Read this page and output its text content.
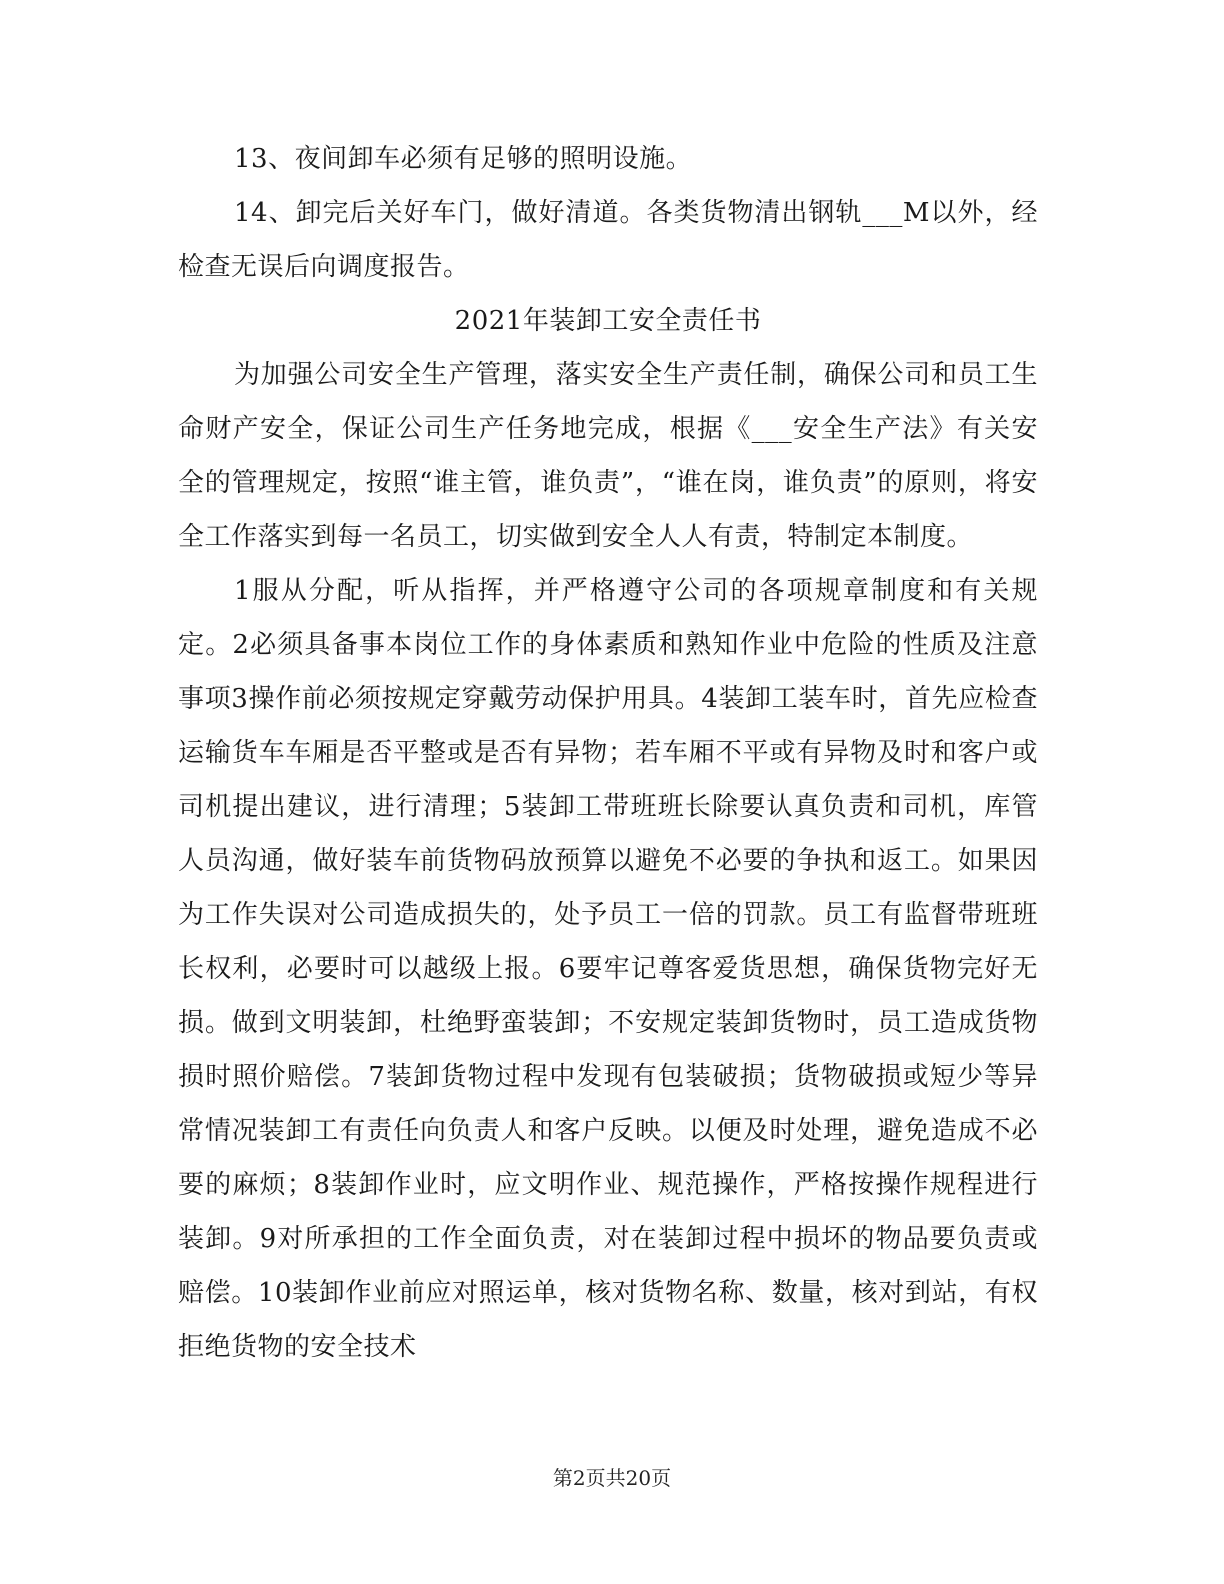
13、夜间卸车必须有足够的照明设施。

14、卸完后关好车门，做好清道。各类货物清出钢轨___M以外，经检查无误后向调度报告。

2021年装卸工安全责任书

为加强公司安全生产管理，落实安全生产责任制，确保公司和员工生命财产安全，保证公司生产任务地完成，根据《___安全生产法》有关安全的管理规定，按照“谁主管，谁负责”，“谁在岗，谁负责”的原则，将安全工作落实到每一名员工，切实做到安全人人有责，特制定本制度。

1服从分配，听从指挥，并严格遵守公司的各项规章制度和有关规定。2必须具备事本岗位工作的身体素质和熟知作业中危险的性质及注意事项3操作前必须按规定穿戴劳动保护用具。4装卸工装车时，首先应检查运输货车车厢是否平整或是否有异物；若车厢不平或有异物及时和客户或司机提出建议，进行清理；5装卸工带班班长除要认真负责和司机，库管人员沟通，做好装车前货物码放预算以避免不必要的争执和返工。如果因为工作失误对公司造成损失的，处予员工一倍的罚款。员工有监督带班班长权利，必要时可以越级上报。6要牢记尊客爱货思想，确保货物完好无损。做到文明装卸，杜绝野蛮装卸；不安规定装卸货物时，员工造成货物损时照价赔偿。7装卸货物过程中发现有包装破损；货物破损或短少等异常情况装卸工有责任向负责人和客户反映。以便及时处理，避免造成不必要的麻烦；8装卸作业时，应文明作业、规范操作，严格按操作规程进行装卸。9对所承担的工作全面负责，对在装卸过程中损坏的物品要负责或赔偿。10装卸作业前应对照运单，核对货物名称、数量，核对到站，有权拒绝货物的安全技术

第2页共20页
